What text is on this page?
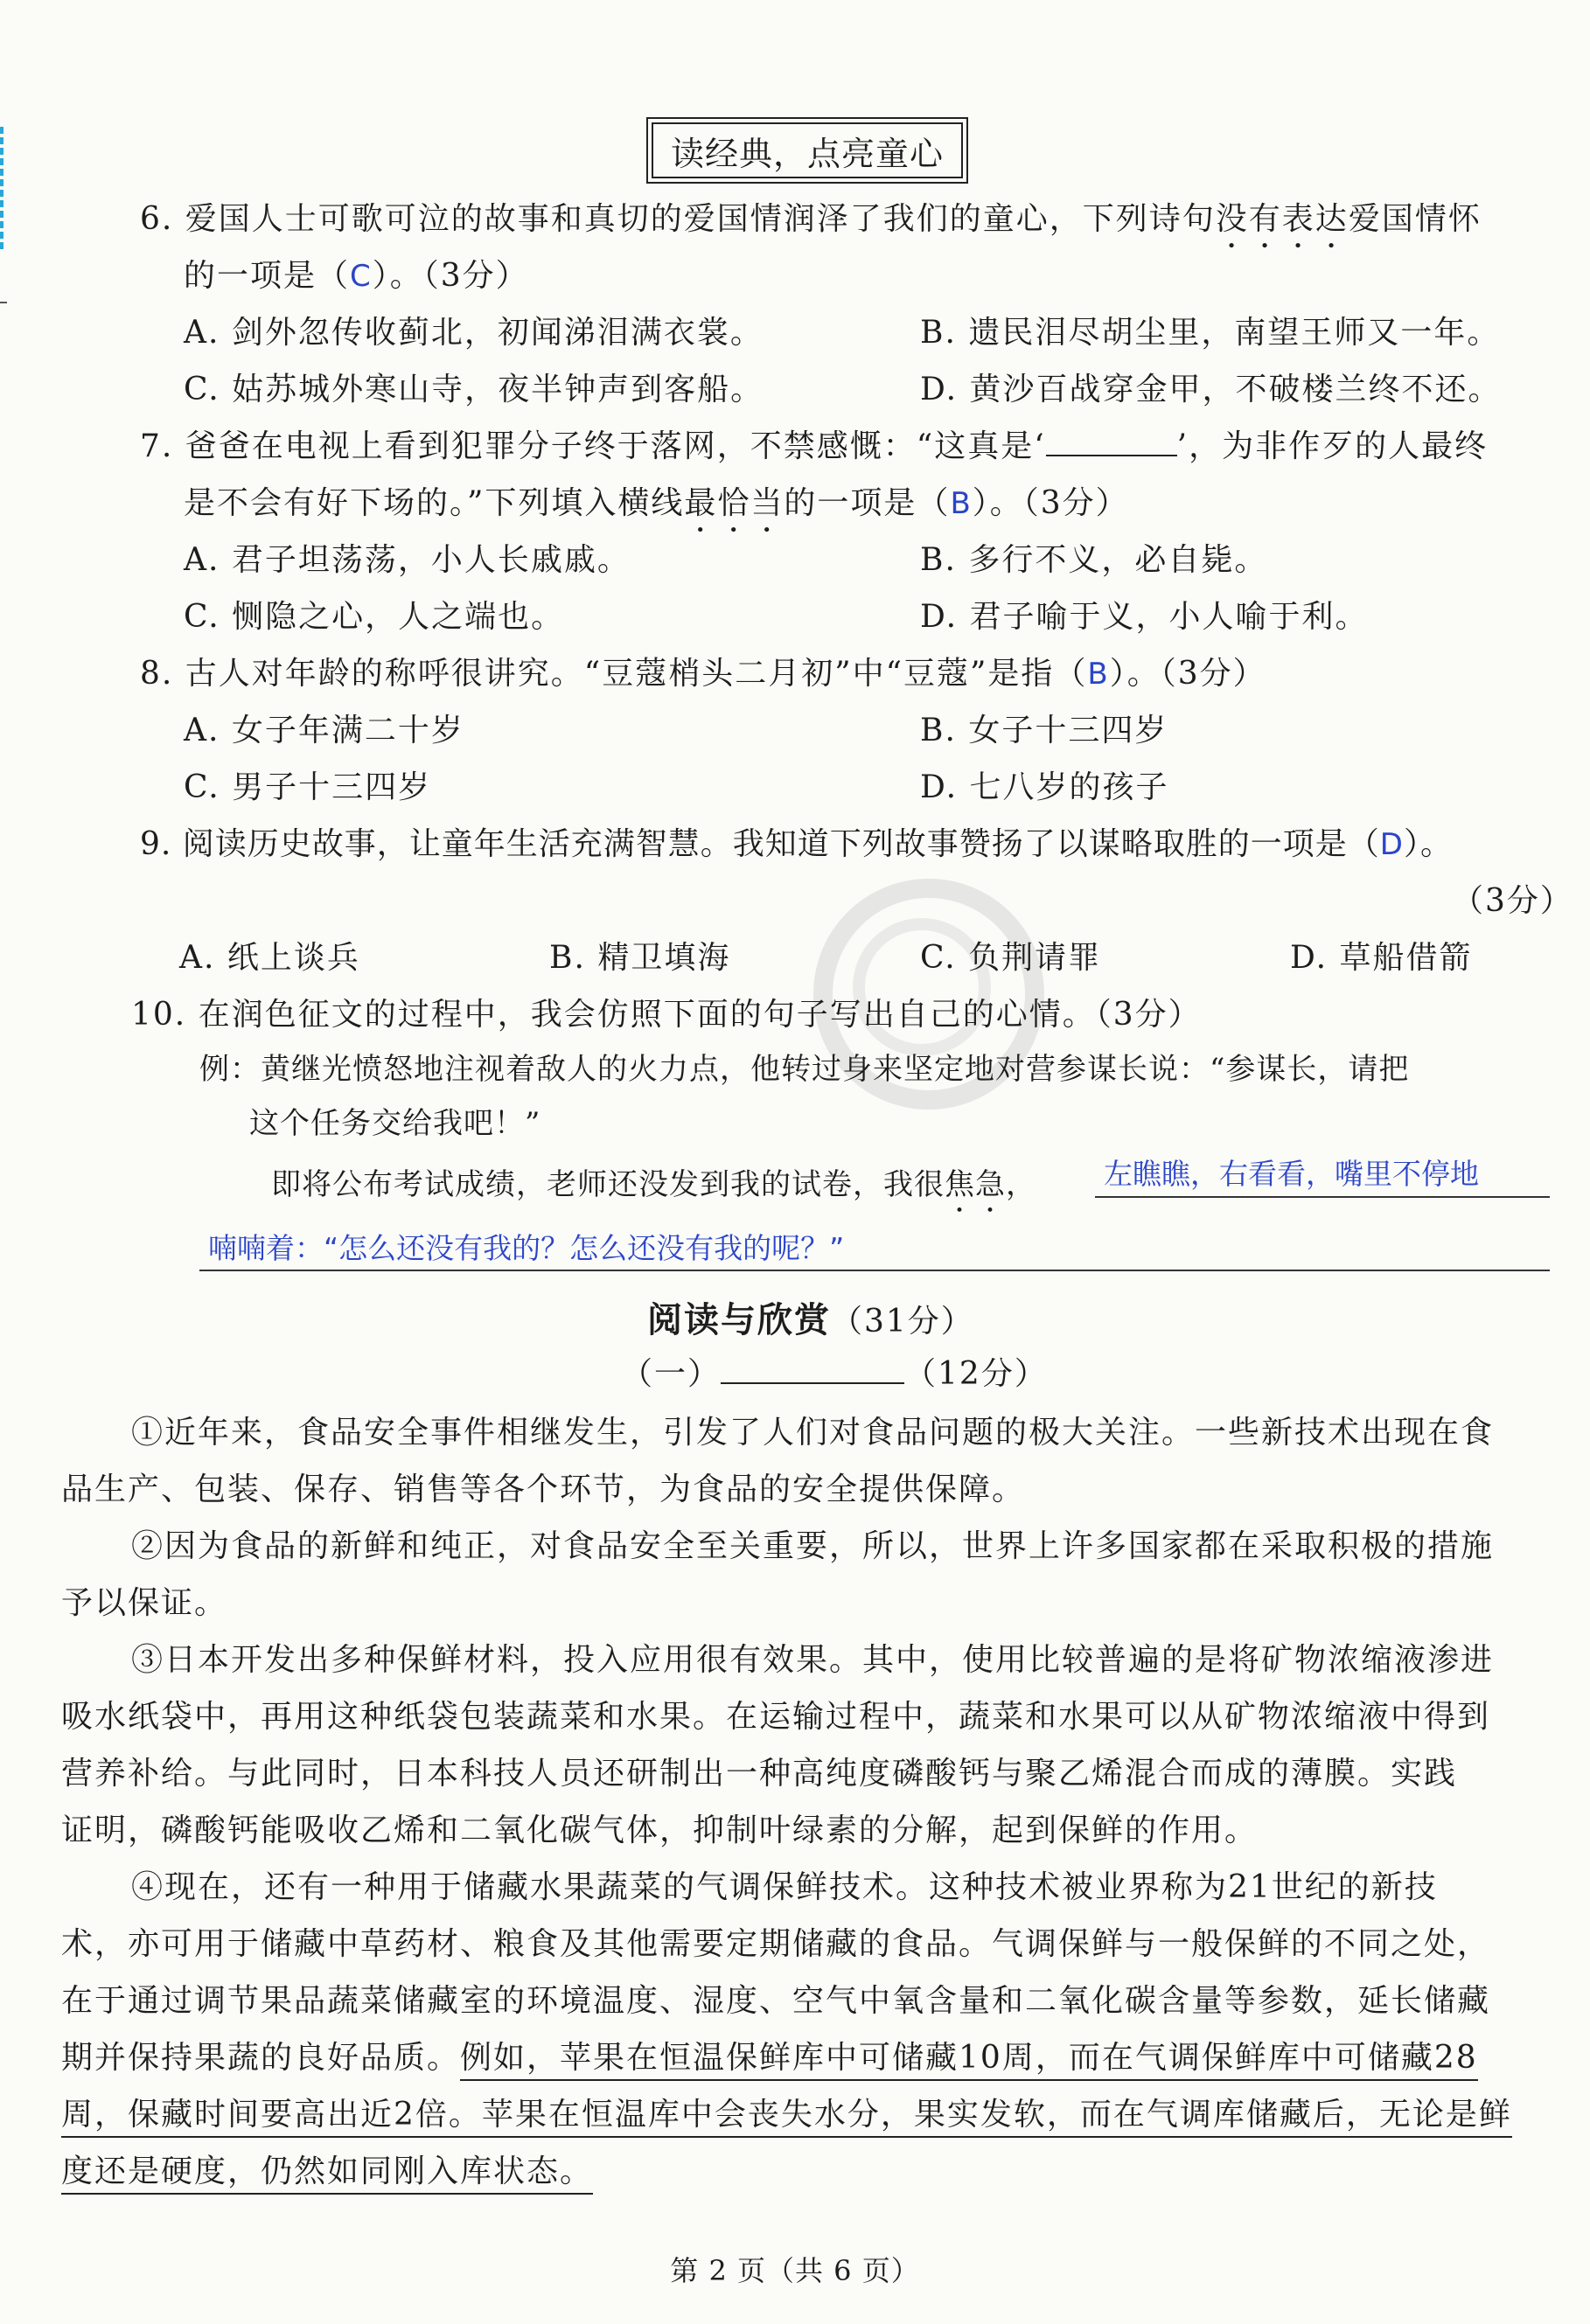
读经典，点亮童心
6. 爱国人士可歌可泣的故事和真切的爱国情润泽了我们的童心，下列诗句没有表达爱国情怀
的一项是（C）。（3分）
A. 剑外忽传收蓟北，初闻涕泪满衣裳。	B. 遗民泪尽胡尘里，南望王师又一年。
C. 姑苏城外寒山寺，夜半钟声到客船。	D. 黄沙百战穿金甲，不破楼兰终不还。
7. 爸爸在电视上看到犯罪分子终于落网，不禁感慨：“这真是‘	’，为非作歹的人最终
是不会有好下场的。”下列填入横线最恰当的一项是（B）。（3分）
A. 君子坦荡荡，小人长戚戚。	B. 多行不义，必自毙。
C. 恻隐之心，人之端也。	D. 君子喻于义，小人喻于利。
8. 古人对年龄的称呼很讲究。“豆蔻梢头二月初”中“豆蔻”是指（B）。（3分）
A. 女子年满二十岁	B. 女子十三四岁
C. 男子十三四岁	D. 七八岁的孩子
9. 阅读历史故事，让童年生活充满智慧。我知道下列故事赞扬了以谋略取胜的一项是（D）。
（3分）
A. 纸上谈兵	B. 精卫填海	C. 负荆请罪	D. 草船借箭
10. 在润色征文的过程中，我会仿照下面的句子写出自己的心情。（3分）
例：黄继光愤怒地注视着敌人的火力点，他转过身来坚定地对营参谋长说：“参谋长，请把
这个任务交给我吧！”
即将公布考试成绩，老师还没发到我的试卷，我很焦急， 左瞧瞧，右看看，嘴里不停地
喃喃着：“怎么还没有我的？怎么还没有我的呢？”
阅读与欣赏（31分）
（一）	（12分）
①近年来，食品安全事件相继发生，引发了人们对食品问题的极大关注。一些新技术出现在食
品生产、包装、保存、销售等各个环节，为食品的安全提供保障。
②因为食品的新鲜和纯正，对食品安全至关重要，所以，世界上许多国家都在采取积极的措施
予以保证。
③日本开发出多种保鲜材料，投入应用很有效果。其中，使用比较普遍的是将矿物浓缩液渗进
吸水纸袋中，再用这种纸袋包装蔬菜和水果。在运输过程中，蔬菜和水果可以从矿物浓缩液中得到
营养补给。与此同时，日本科技人员还研制出一种高纯度磷酸钙与聚乙烯混合而成的薄膜。实践
证明，磷酸钙能吸收乙烯和二氧化碳气体，抑制叶绿素的分解，起到保鲜的作用。
④现在，还有一种用于储藏水果蔬菜的气调保鲜技术。这种技术被业界称为21世纪的新技
术，亦可用于储藏中草药材、粮食及其他需要定期储藏的食品。气调保鲜与一般保鲜的不同之处，
在于通过调节果品蔬菜储藏室的环境温度、湿度、空气中氧含量和二氧化碳含量等参数，延长储藏
期并保持果蔬的良好品质。例如，苹果在恒温保鲜库中可储藏10周，而在气调保鲜库中可储藏28
周，保藏时间要高出近2倍。苹果在恒温库中会丧失水分，果实发软，而在气调库储藏后，无论是鲜
度还是硬度，仍然如同刚入库状态。
第 2 页（共 6 页）
